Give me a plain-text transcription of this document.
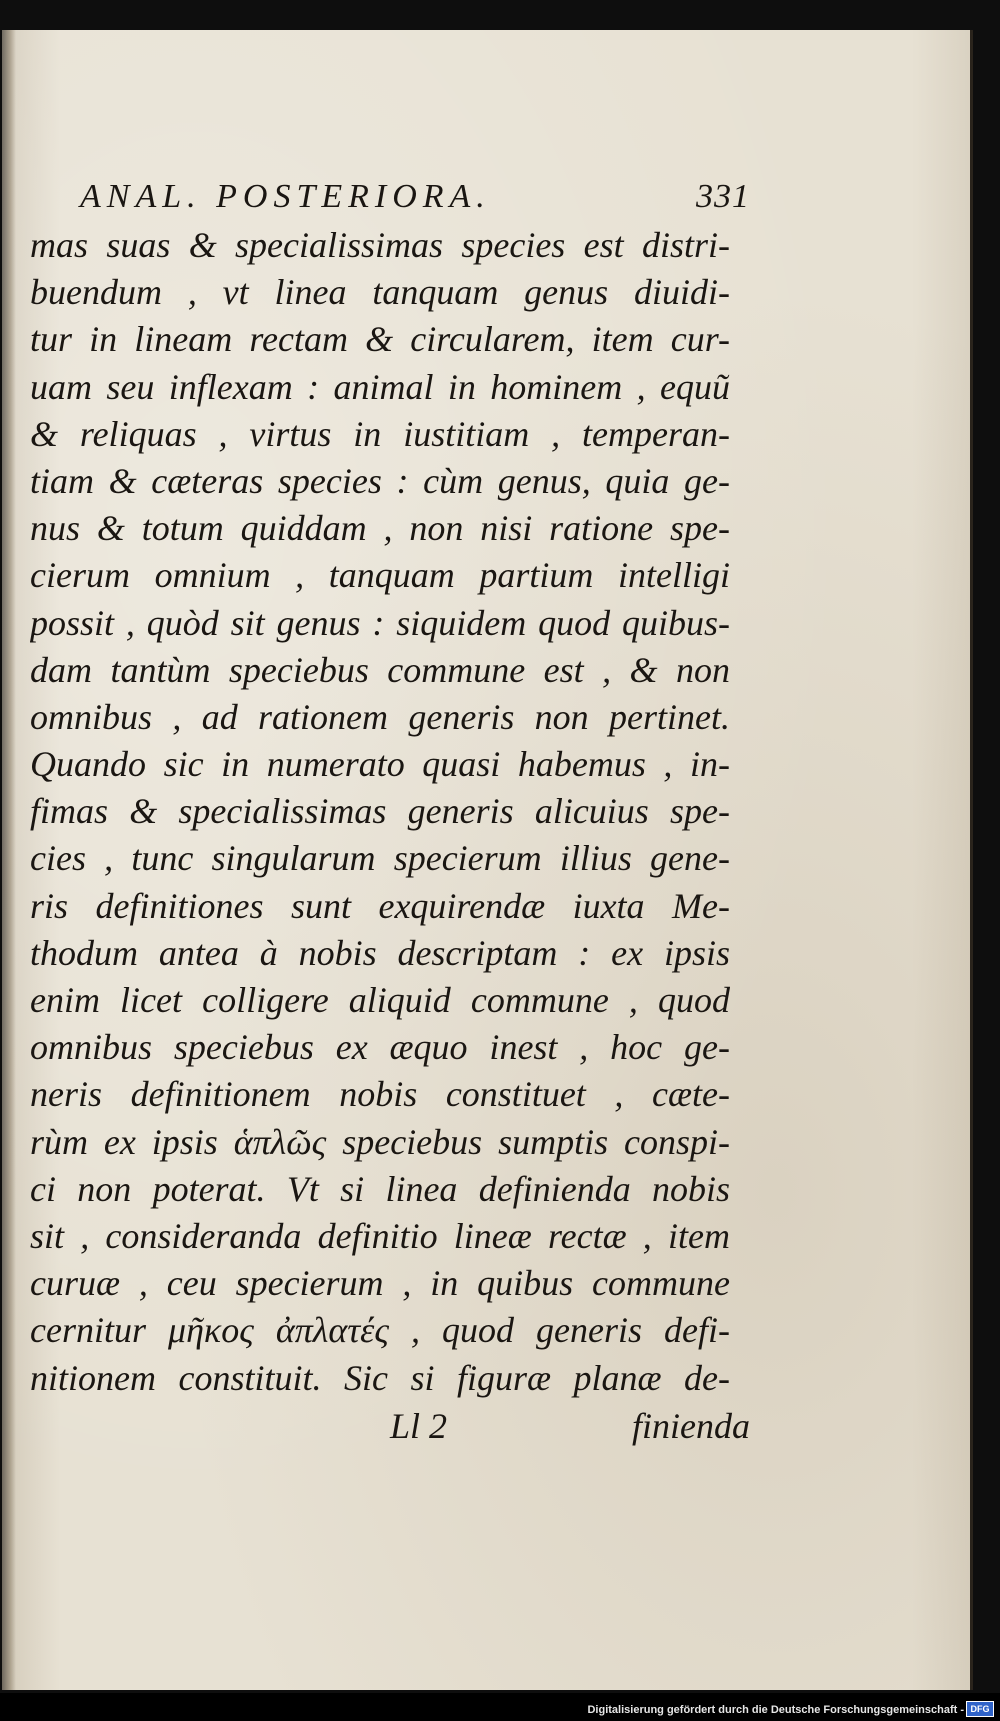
ANAL. POSTERIORA.	331
mas suas & specialissimas species est distri-
buendum , vt linea tanquam genus diuidi-
tur in lineam rectam & circularem, item cur-
uam seu inflexam : animal in hominem , equũ
& reliquas , virtus in iustitiam , temperan-
tiam & cæteras species : cùm genus, quia ge-
nus & totum quiddam , non nisi ratione spe-
cierum omnium , tanquam partium intelligi
possit , quòd sit genus : siquidem quod quibus-
dam tantùm speciebus commune est , & non
omnibus , ad rationem generis non pertinet.
Quando sic in numerato quasi habemus , in-
fimas & specialissimas generis alicuius spe-
cies , tunc singularum specierum illius gene-
ris definitiones sunt exquirendæ iuxta Me-
thodum antea à nobis descriptam : ex ipsis
enim licet colligere aliquid commune , quod
omnibus speciebus ex æquo inest , hoc ge-
neris definitionem nobis constituet , cæte-
rùm ex ipsis ἁπλῶς speciebus sumptis conspi-
ci non poterat. Vt si linea definienda nobis
sit , consideranda definitio lineæ rectæ , item
curuæ , ceu specierum , in quibus commune
cernitur μῆκος ἀπλατές , quod generis defi-
nitionem constituit. Sic si figuræ planæ de-
Ll 2	finienda
Digitalisierung gefördert durch die Deutsche Forschungsgemeinschaft - DFG
